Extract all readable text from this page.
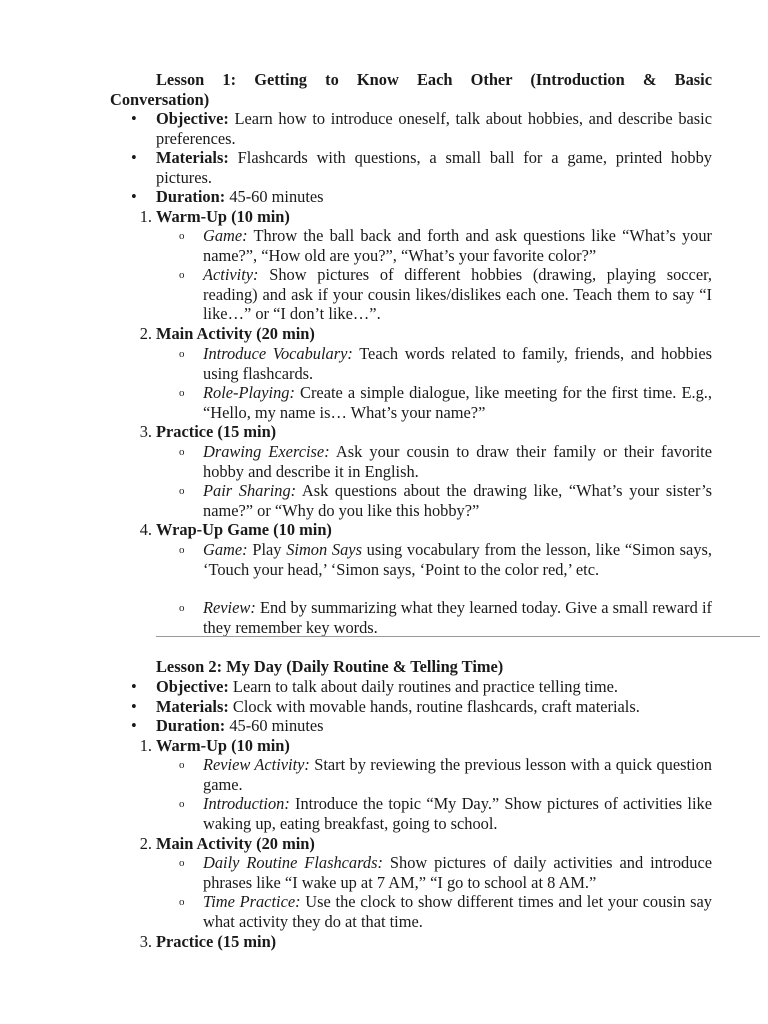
Lesson 1: Getting to Know Each Other (Introduction & Basic
Conversation)
• Objective: Learn how to introduce oneself, talk about hobbies, and describe basic preferences.
• Materials: Flashcards with questions, a small ball for a game, printed hobby pictures.
• Duration: 45-60 minutes
1. Warm-Up (10 min)
o Game: Throw the ball back and forth and ask questions like “What’s your name?”, “How old are you?”, “What’s your favorite color?”
o Activity: Show pictures of different hobbies (drawing, playing soccer, reading) and ask if your cousin likes/dislikes each one. Teach them to say “I like…” or “I don’t like…”.
2. Main Activity (20 min)
o Introduce Vocabulary: Teach words related to family, friends, and hobbies using flashcards.
o Role-Playing: Create a simple dialogue, like meeting for the first time. E.g., “Hello, my name is… What’s your name?”
3. Practice (15 min)
o Drawing Exercise: Ask your cousin to draw their family or their favorite hobby and describe it in English.
o Pair Sharing: Ask questions about the drawing like, “What’s your sister’s name?” or “Why do you like this hobby?”
4. Wrap-Up Game (10 min)
o Game: Play Simon Says using vocabulary from the lesson, like “Simon says, ‘Touch your head,’ ‘Simon says, ‘Point to the color red,’ etc.
o Review: End by summarizing what they learned today. Give a small reward if they remember key words.
Lesson 2: My Day (Daily Routine & Telling Time)
• Objective: Learn to talk about daily routines and practice telling time.
• Materials: Clock with movable hands, routine flashcards, craft materials.
• Duration: 45-60 minutes
1. Warm-Up (10 min)
o Review Activity: Start by reviewing the previous lesson with a quick question game.
o Introduction: Introduce the topic “My Day.” Show pictures of activities like waking up, eating breakfast, going to school.
2. Main Activity (20 min)
o Daily Routine Flashcards: Show pictures of daily activities and introduce phrases like “I wake up at 7 AM,” “I go to school at 8 AM.”
o Time Practice: Use the clock to show different times and let your cousin say what activity they do at that time.
3. Practice (15 min)
